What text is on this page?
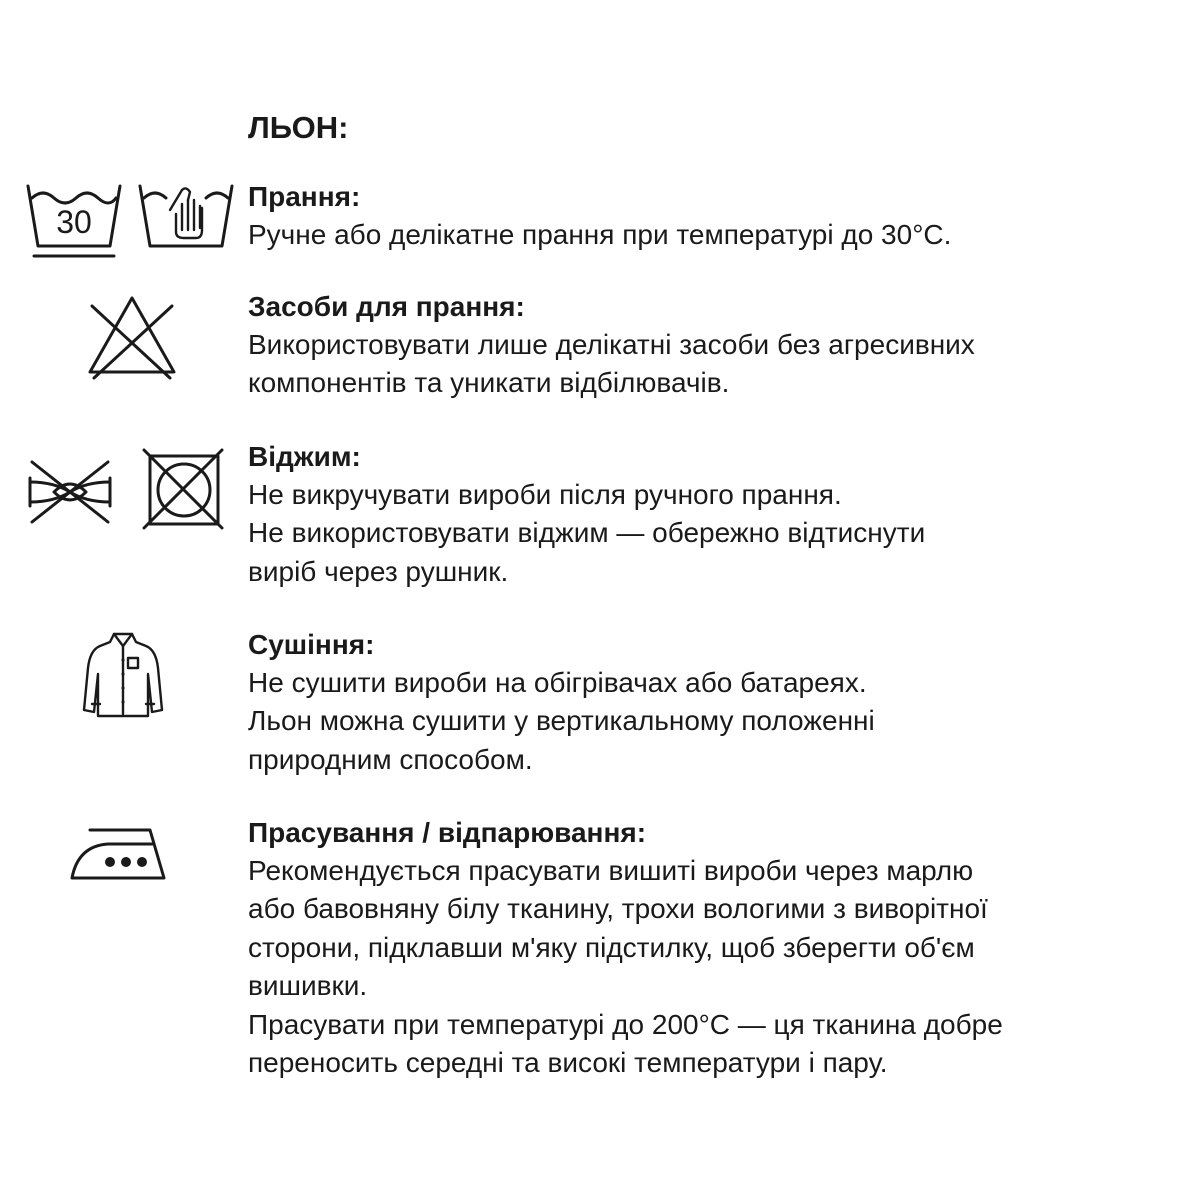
ЛЬОН:
30
Прання:
Ручне або делікатне прання при температурі до 30°C.
Засоби для прання:
Використовувати лише делікатні засоби без агресивних
компонентів та уникати відбілювачів.
Віджим:
Не викручувати вироби після ручного прання.
Не використовувати віджим — обережно відтиснути
виріб через рушник.
Сушіння:
Не сушити вироби на обігрівачах або батареях.
Льон можна сушити у вертикальному положенні
природним способом.
Прасування / відпарювання:
Рекомендується прасувати вишиті вироби через марлю
або бавовняну білу тканину, трохи вологими з виворітної
сторони, підклавши м'яку підстилку, щоб зберегти об'єм
вишивки.
Прасувати при температурі до 200°C — ця тканина добре
переносить середні та високі температури і пару.
